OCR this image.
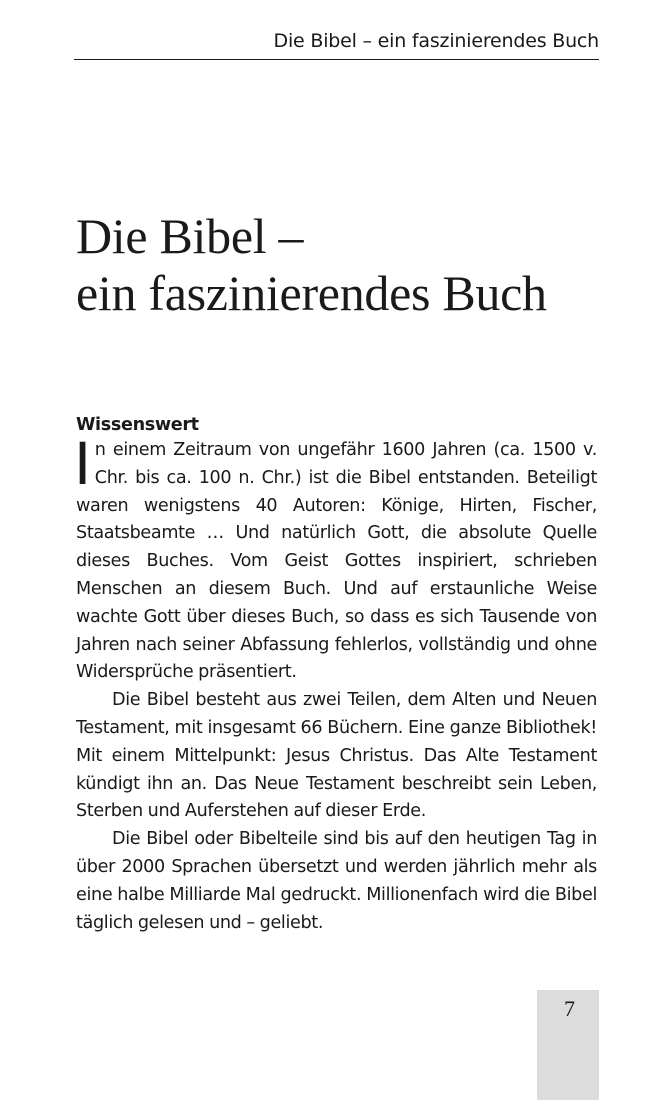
Die Bibel – ein faszinierendes Buch
Die Bibel –
ein faszinierendes Buch
Wissenswert

In einem Zeitraum von ungefähr 1600 Jahren (ca. 1500 v. Chr. bis ca. 100 n. Chr.) ist die Bibel entstanden. Beteiligt waren wenigstens 40 Autoren: Könige, Hirten, Fischer, Staatsbeamte … Und natürlich Gott, die absolute Quelle dieses Buches. Vom Geist Gottes inspiriert, schrieben Menschen an diesem Buch. Und auf erstaunliche Weise wachte Gott über dieses Buch, so dass es sich Tausende von Jahren nach seiner Abfassung fehlerlos, vollständig und ohne Widersprüche präsentiert.

Die Bibel besteht aus zwei Teilen, dem Alten und Neuen Testament, mit insgesamt 66 Büchern. Eine ganze Bibliothek! Mit einem Mittelpunkt: Jesus Christus. Das Alte Testament kündigt ihn an. Das Neue Testament beschreibt sein Leben, Sterben und Auferstehen auf dieser Erde.

Die Bibel oder Bibelteile sind bis auf den heutigen Tag in über 2000 Sprachen übersetzt und werden jährlich mehr als eine halbe Milliarde Mal gedruckt. Millionenfach wird die Bibel täglich gelesen und – geliebt.

7
